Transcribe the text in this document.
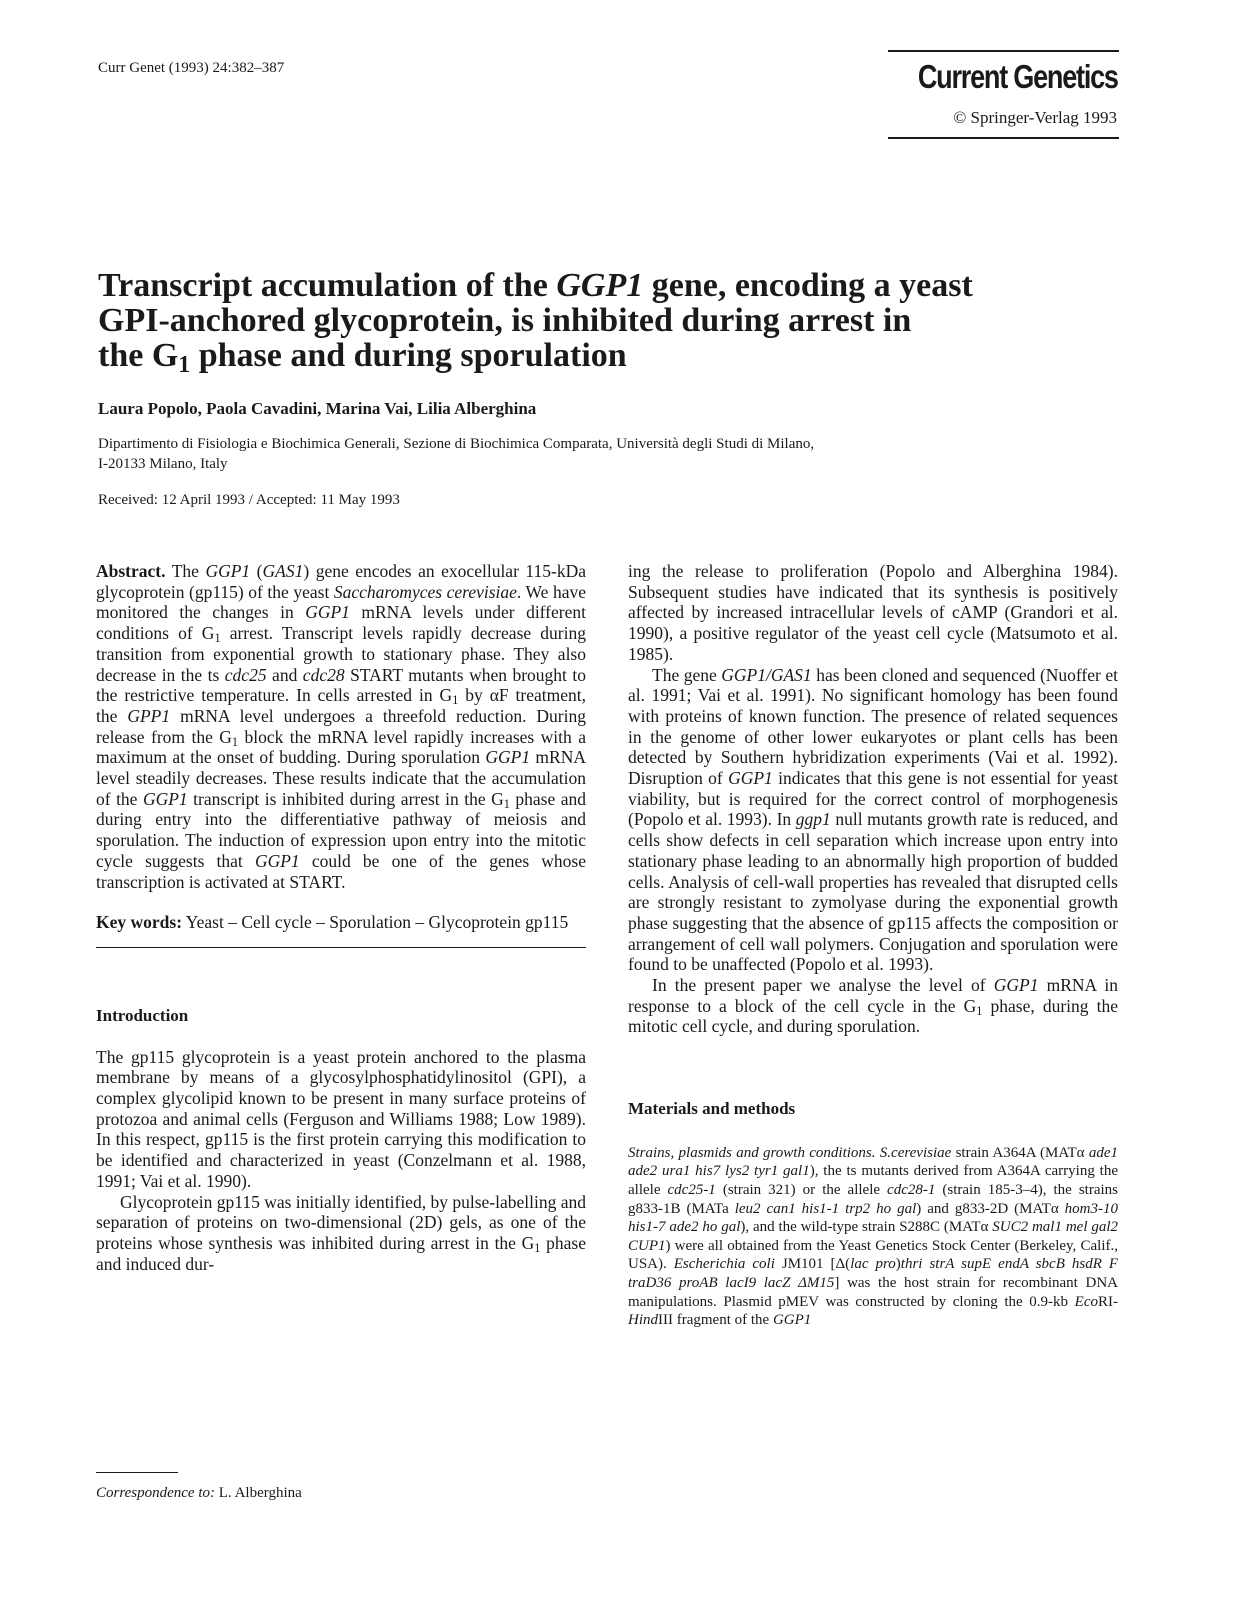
Curr Genet (1993) 24:382–387	Current Genetics
© Springer-Verlag 1993
Transcript accumulation of the GGP1 gene, encoding a yeast
GPI-anchored glycoprotein, is inhibited during arrest in
the $G_1$ phase and during sporulation
Laura Popolo, Paola Cavadini, Marina Vai, Lilia Alberghina
Dipartimento di Fisiologia e Biochimica Generali, Sezione di Biochimica Comparata, Università degli Studi di Milano,
I-20133 Milano, Italy
Received: 12 April 1993 / Accepted: 11 May 1993

Abstract. The GGP1 (GAS1) gene encodes an exocellular 115-kDa glycoprotein (gp115) of the yeast Saccharomyces cerevisiae. We have monitored the changes in GGP1 mRNA levels under different conditions of $G_1$ arrest. Transcript levels rapidly decrease during transition from exponential growth to stationary phase. They also decrease in the ts cdc25 and cdc28 START mutants when brought to the restrictive temperature. In cells arrested in $G_1$ by αF treatment, the GPP1 mRNA level undergoes a threefold reduction. During release from the $G_1$ block the mRNA level rapidly increases with a maximum at the onset of budding. During sporulation GGP1 mRNA level steadily decreases. These results indicate that the accumulation of the GGP1 transcript is inhibited during arrest in the $G_1$ phase and during entry into the differentiative pathway of meiosis and sporulation. The induction of expression upon entry into the mitotic cycle suggests that GGP1 could be one of the genes whose transcription is activated at START.

Key words: Yeast – Cell cycle – Sporulation – Glycoprotein gp115

Introduction

The gp115 glycoprotein is a yeast protein anchored to the plasma membrane by means of a glycosylphosphatidylinositol (GPI), a complex glycolipid known to be present in many surface proteins of protozoa and animal cells (Ferguson and Williams 1988; Low 1989). In this respect, gp115 is the first protein carrying this modification to be identified and characterized in yeast (Conzelmann et al. 1988, 1991; Vai et al. 1990).

Glycoprotein gp115 was initially identified, by pulse-labelling and separation of proteins on two-dimensional (2D) gels, as one of the proteins whose synthesis was inhibited during arrest in the $G_1$ phase and induced dur-

Correspondence to: L. Alberghina

ing the release to proliferation (Popolo and Alberghina 1984). Subsequent studies have indicated that its synthesis is positively affected by increased intracellular levels of cAMP (Grandori et al. 1990), a positive regulator of the yeast cell cycle (Matsumoto et al. 1985).

The gene GGP1/GAS1 has been cloned and sequenced (Nuoffer et al. 1991; Vai et al. 1991). No significant homology has been found with proteins of known function. The presence of related sequences in the genome of other lower eukaryotes or plant cells has been detected by Southern hybridization experiments (Vai et al. 1992). Disruption of GGP1 indicates that this gene is not essential for yeast viability, but is required for the correct control of morphogenesis (Popolo et al. 1993). In ggp1 null mutants growth rate is reduced, and cells show defects in cell separation which increase upon entry into stationary phase leading to an abnormally high proportion of budded cells. Analysis of cell-wall properties has revealed that disrupted cells are strongly resistant to zymolyase during the exponential growth phase suggesting that the absence of gp115 affects the composition or arrangement of cell wall polymers. Conjugation and sporulation were found to be unaffected (Popolo et al. 1993).

In the present paper we analyse the level of GGP1 mRNA in response to a block of the cell cycle in the $G_1$ phase, during the mitotic cell cycle, and during sporulation.

Materials and methods

Strains, plasmids and growth conditions. S.cerevisiae strain A364A (MATα ade1 ade2 ura1 his7 lys2 tyr1 gal1), the ts mutants derived from A364A carrying the allele cdc25-1 (strain 321) or the allele cdc28-1 (strain 185-3–4), the strains g833-1B (MATa leu2 can1 his1-1 trp2 ho gal) and g833-2D (MATα hom3-10 his1-7 ade2 ho gal), and the wild-type strain S288C (MATα SUC2 mal1 mel gal2 CUP1) were all obtained from the Yeast Genetics Stock Center (Berkeley, Calif., USA). Escherichia coli JM101 [Δ(lac pro)thri strA supE endA sbcB hsdR F traD36 proAB lacI9 lacZ ΔM15] was the host strain for recombinant DNA manipulations. Plasmid pMEV was constructed by cloning the 0.9-kb EcoRI-HindIII fragment of the GGP1
